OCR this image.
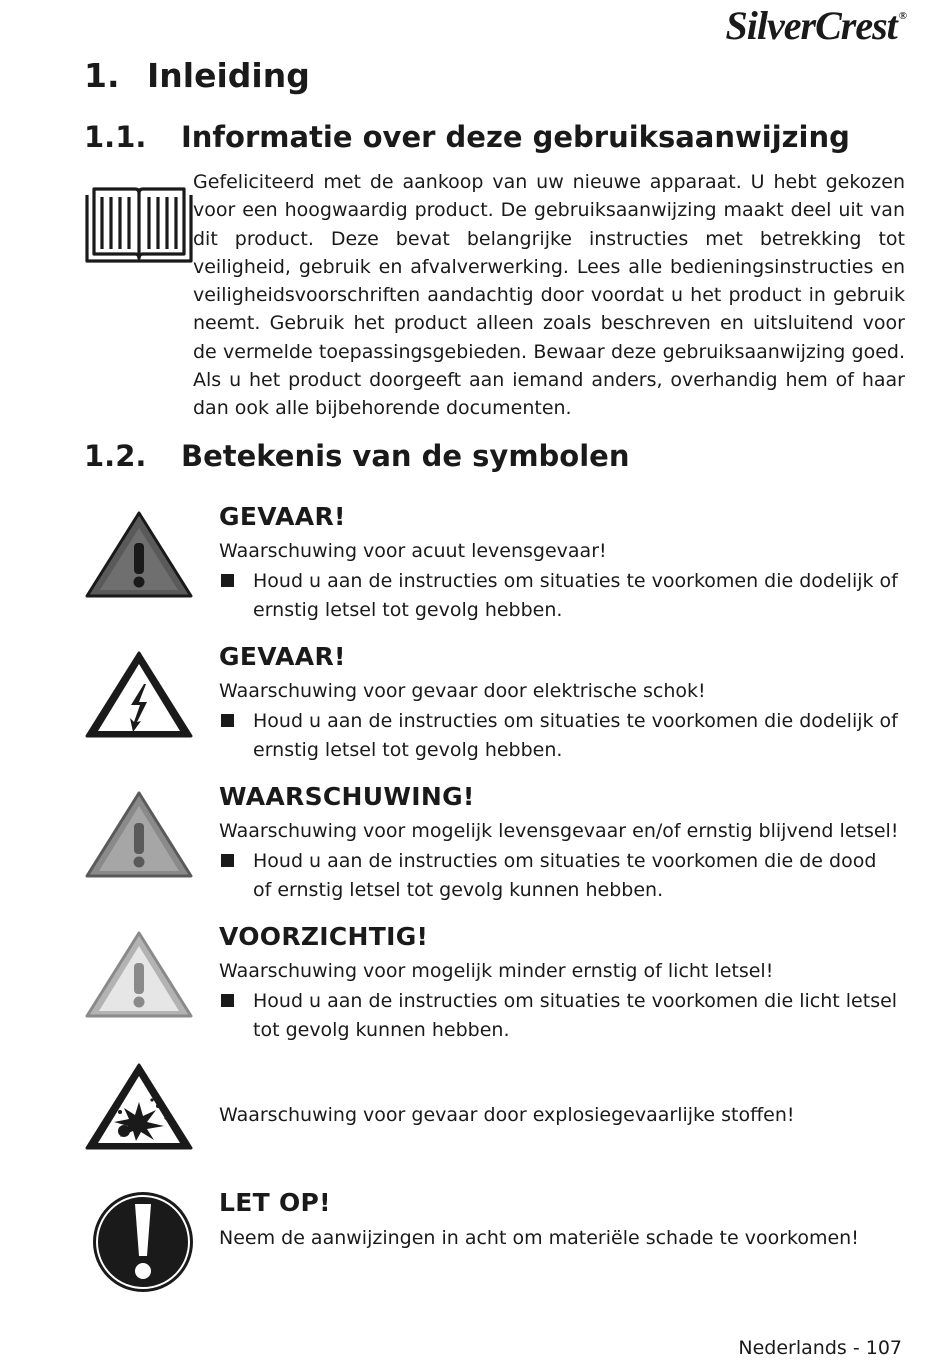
SilverCrest ®
1. Inleiding
1.1. Informatie over deze gebruiksaanwijzing

Gefeliciteerd met de aankoop van uw nieuwe apparaat. U hebt gekozen voor een hoogwaardig product. De gebruiksaanwijzing maakt deel uit van dit product. Deze bevat belangrijke instructies met betrekking tot veiligheid, gebruik en afvalverwerking. Lees alle bedieningsinstructies en veiligheidsvoorschriften aandachtig door voordat u het product in gebruik neemt. Gebruik het product alleen zoals beschreven en uitsluitend voor de vermelde toepassingsgebieden. Bewaar deze gebruiksaanwijzing goed. Als u het product doorgeeft aan iemand anders, overhandig hem of haar dan ook alle bijbehorende documenten.

1.2. Betekenis van de symbolen
GEVAAR!
Waarschuwing voor acuut levensgevaar!
Houd u aan de instructies om situaties te voorkomen die dodelijk of ernstig letsel tot gevolg hebben.
GEVAAR!
Waarschuwing voor gevaar door elektrische schok!
Houd u aan de instructies om situaties te voorkomen die dodelijk of ernstig letsel tot gevolg hebben.
WAARSCHUWING!
Waarschuwing voor mogelijk levensgevaar en/of ernstig blijvend letsel!
Houd u aan de instructies om situaties te voorkomen die de dood of ernstig letsel tot gevolg kunnen hebben.
VOORZICHTIG!
Waarschuwing voor mogelijk minder ernstig of licht letsel!
Houd u aan de instructies om situaties te voorkomen die licht letsel tot gevolg kunnen hebben.
Waarschuwing voor gevaar door explosiegevaarlijke stoffen!
LET OP!
Neem de aanwijzingen in acht om materiële schade te voorkomen!
Nederlands - 107
